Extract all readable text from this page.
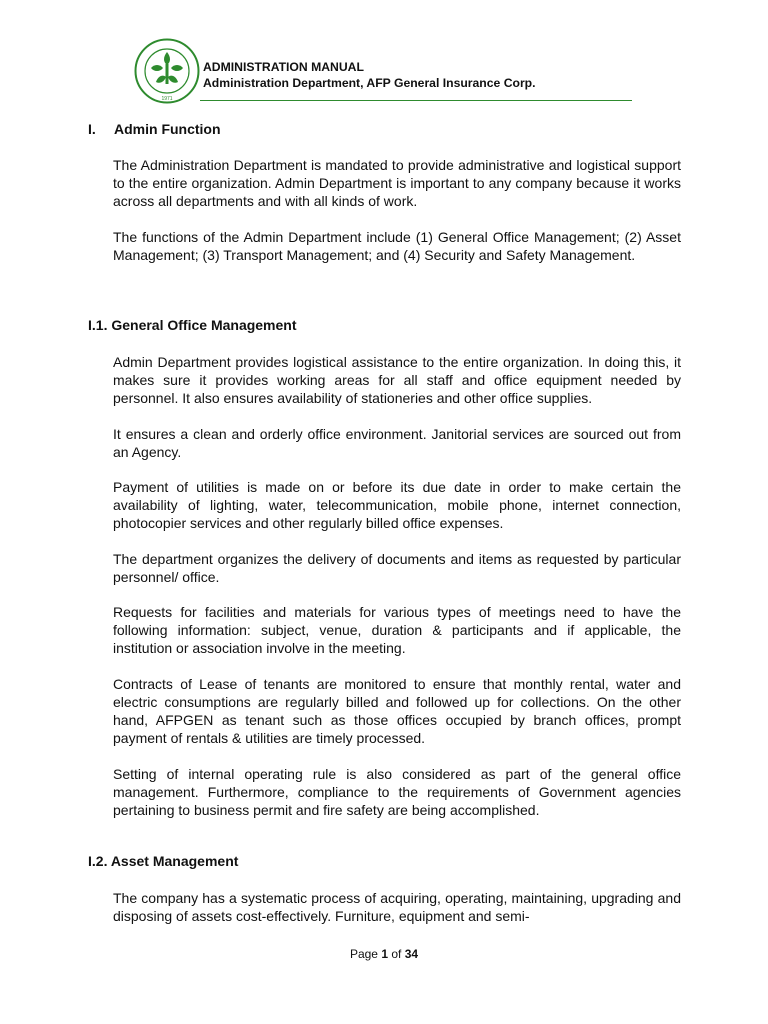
1971
ADMINISTRATION MANUAL
Administration Department, AFP General Insurance Corp.
I. Admin Function
The Administration Department is mandated to provide administrative and logistical support to the entire organization. Admin Department is important to any company because it works across all departments and with all kinds of work.
The functions of the Admin Department include (1) General Office Management; (2) Asset Management; (3) Transport Management; and (4) Security and Safety Management.
I.1. General Office Management
Admin Department provides logistical assistance to the entire organization. In doing this, it makes sure it provides working areas for all staff and office equipment needed by personnel. It also ensures availability of stationeries and other office supplies.
It ensures a clean and orderly office environment. Janitorial services are sourced out from an Agency.
Payment of utilities is made on or before its due date in order to make certain the availability of lighting, water, telecommunication, mobile phone, internet connection, photocopier services and other regularly billed office expenses.
The department organizes the delivery of documents and items as requested by particular personnel/ office.
Requests for facilities and materials for various types of meetings need to have the following information: subject, venue, duration & participants and if applicable, the institution or association involve in the meeting.
Contracts of Lease of tenants are monitored to ensure that monthly rental, water and electric consumptions are regularly billed and followed up for collections. On the other hand, AFPGEN as tenant such as those offices occupied by branch offices, prompt payment of rentals & utilities are timely processed.
Setting of internal operating rule is also considered as part of the general office management. Furthermore, compliance to the requirements of Government agencies pertaining to business permit and fire safety are being accomplished.
I.2. Asset Management
The company has a systematic process of acquiring, operating, maintaining, upgrading and disposing of assets cost-effectively. Furniture, equipment and semi-
Page 1 of 34
